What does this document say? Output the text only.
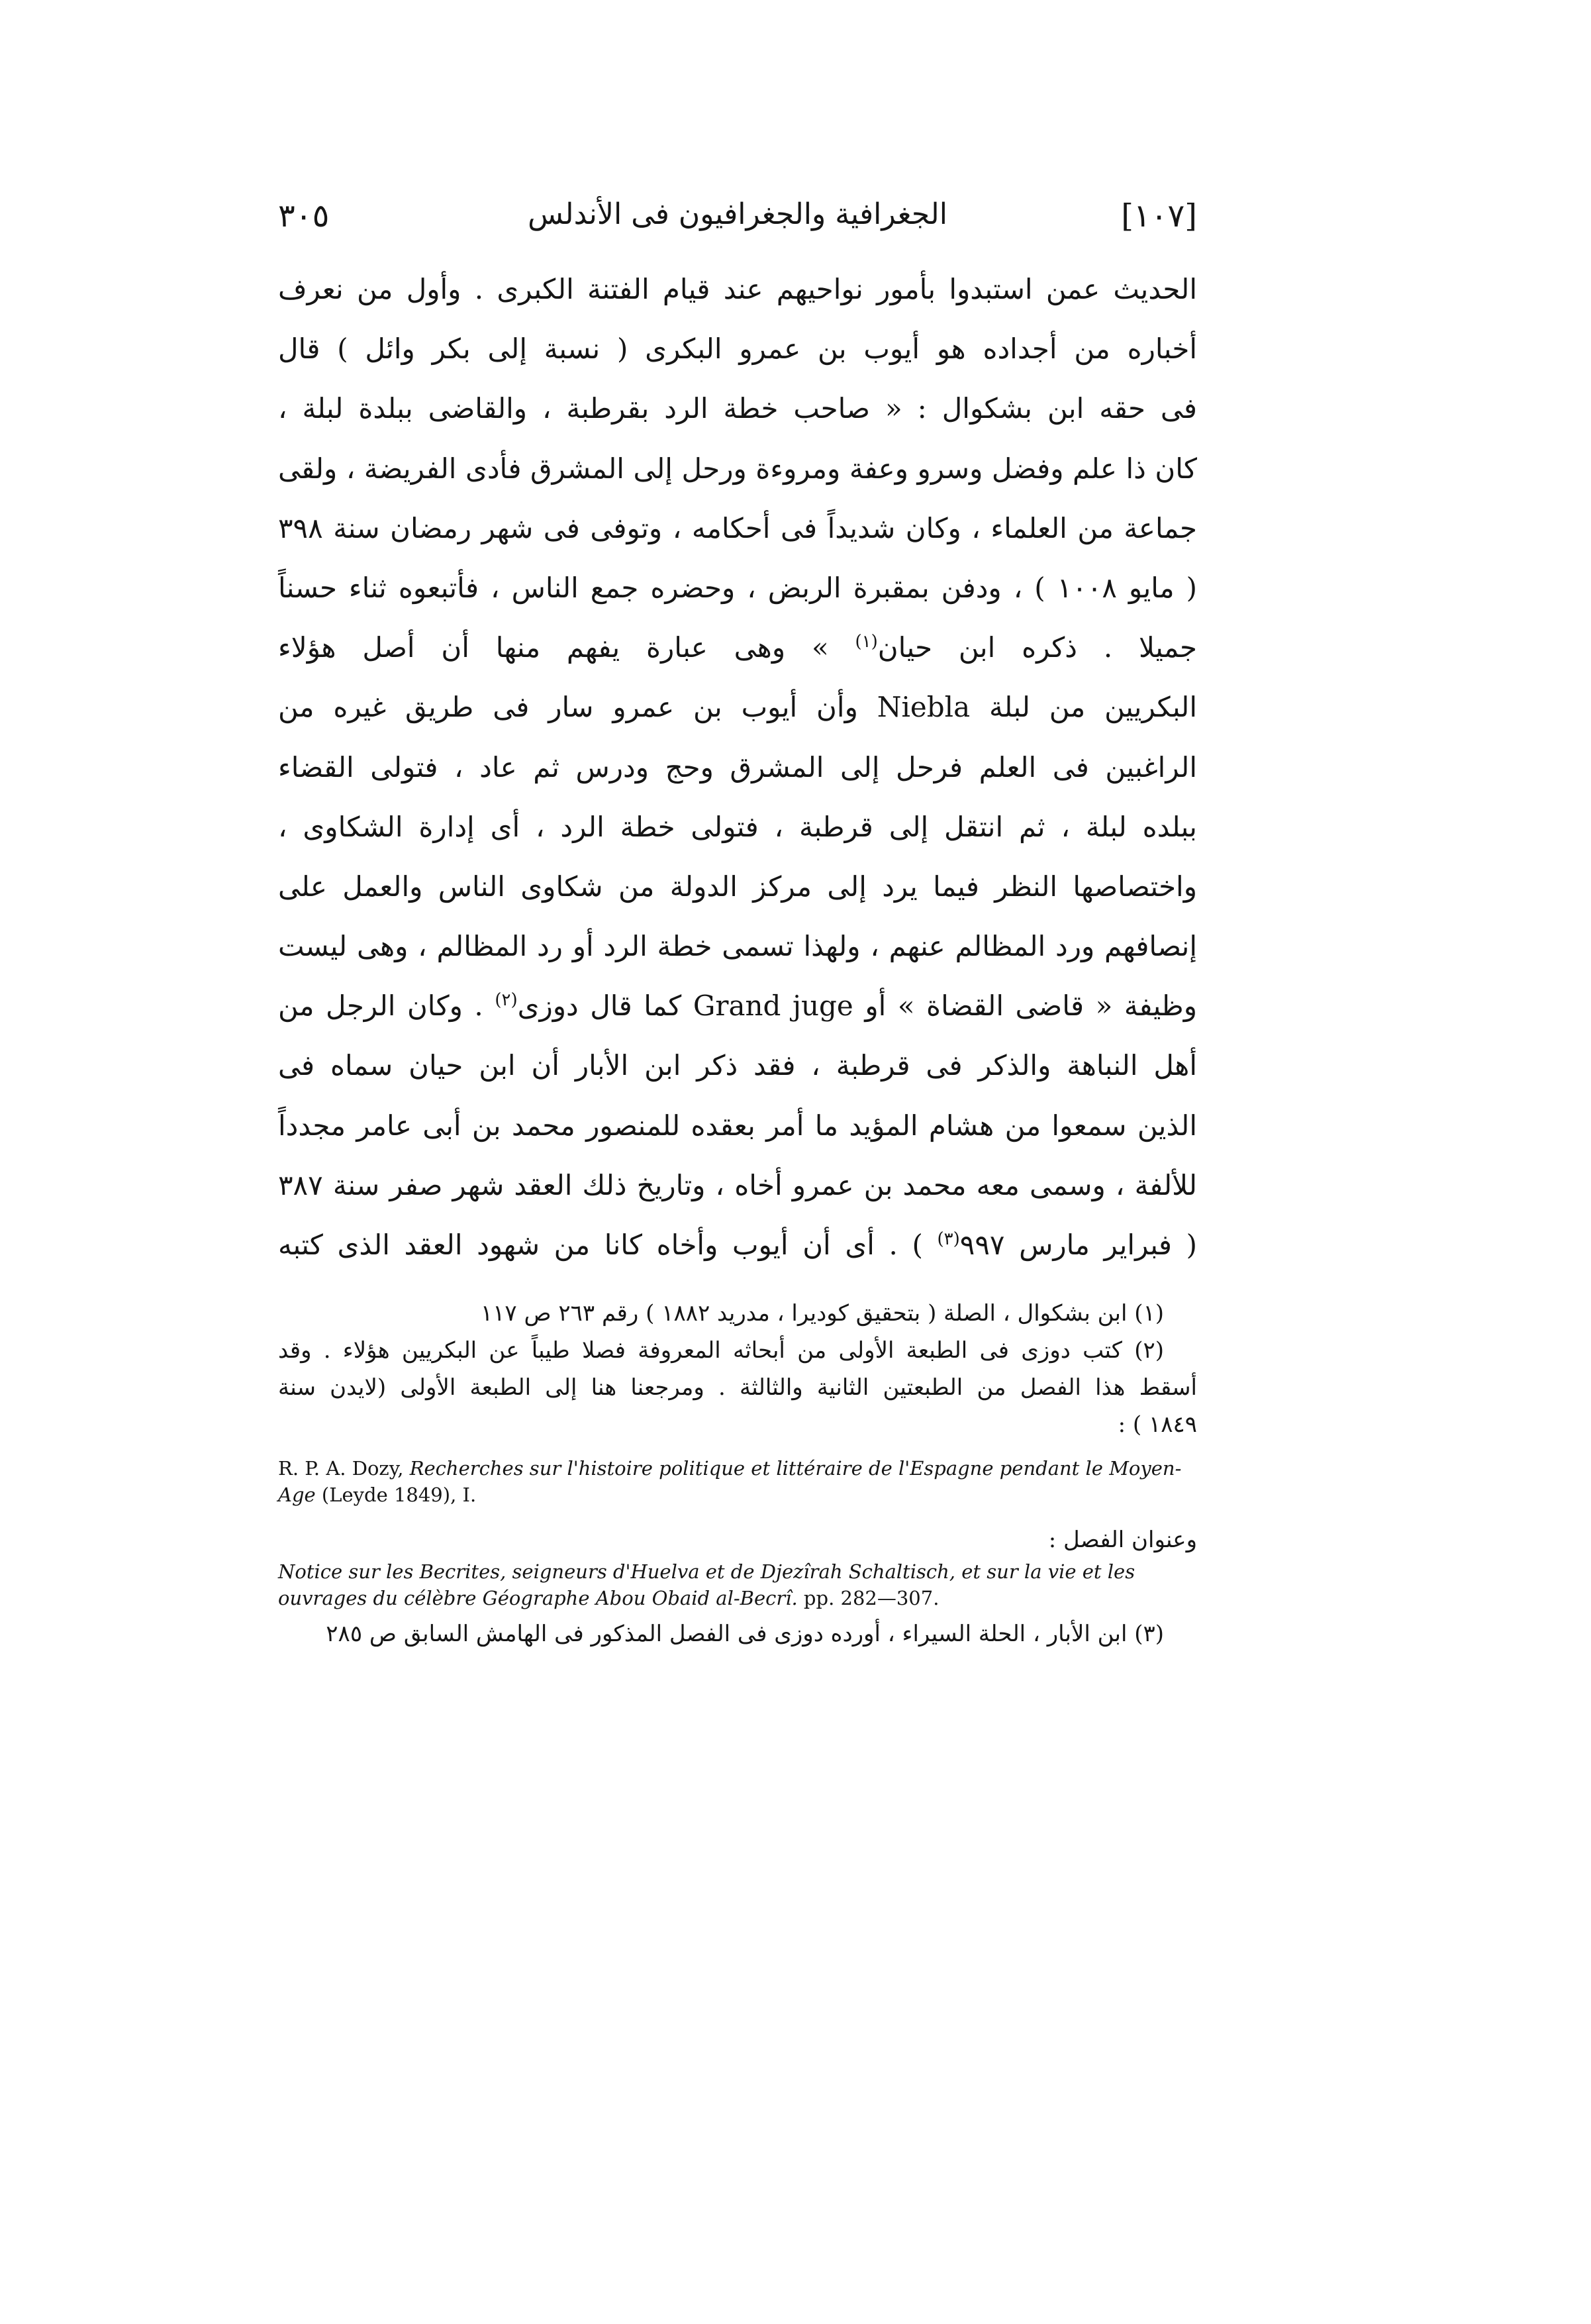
[١٠٧]
الجغرافية والجغرافيون فى الأندلس
٣٠٥
الحديث عمن استبدوا بأمور نواحيهم عند قيام الفتنة الكبرى . وأول من نعرف
أخباره من أجداده هو أيوب بن عمرو البكرى ( نسبة إلى بكر وائل ) قال
فى حقه ابن بشكوال : « صاحب خطة الرد بقرطبة ، والقاضى ببلدة لبلة ،
كان ذا علم وفضل وسرو وعفة ومروءة ورحل إلى المشرق فأدى الفريضة ، ولقى
جماعة من العلماء ، وكان شديداً فى أحكامه ، وتوفى فى شهر رمضان سنة ٣٩٨
( مايو ١٠٠٨ ) ، ودفن بمقبرة الربض ، وحضره جمع الناس ، فأتبعوه ثناء حسناً
جميلا . ذكره ابن حيان$^{(١)}$ » وهى عبارة يفهم منها أن أصل هؤلاء
البكريين من لبلة Niebla وأن أيوب بن عمرو سار فى طريق غيره من
الراغبين فى العلم فرحل إلى المشرق وحج ودرس ثم عاد ، فتولى القضاء
ببلده لبلة ، ثم انتقل إلى قرطبة ، فتولى خطة الرد ، أى إدارة الشكاوى ،
واختصاصها النظر فيما يرد إلى مركز الدولة من شكاوى الناس والعمل على
إنصافهم ورد المظالم عنهم ، ولهذا تسمى خطة الرد أو رد المظالم ، وهى ليست
وظيفة « قاضى القضاة » أو Grand juge كما قال دوزى$^{(٢)}$ . وكان الرجل من
أهل النباهة والذكر فى قرطبة ، فقد ذكر ابن الأبار أن ابن حيان سماه فى
الذين سمعوا من هشام المؤيد ما أمر بعقده للمنصور محمد بن أبى عامر مجدداً
للألفة ، وسمى معه محمد بن عمرو أخاه ، وتاريخ ذلك العقد شهر صفر سنة ٣٨٧
( فبراير مارس ٩٩٧$^{(٣)}$ ) . أى أن أيوب وأخاه كانا من شهود العقد الذى كتبه
(١) ابن بشكوال ، الصلة ( بتحقيق كوديرا ، مدريد ١٨٨٢ ) رقم ٢٦٣ ص ١١٧
(٢) كتب دوزى فى الطبعة الأولى من أبحاثه المعروفة فصلا طيباً عن البكريين هؤلاء . وقد
أسقط هذا الفصل من الطبعتين الثانية والثالثة . ومرجعنا هنا إلى الطبعة الأولى (لايدن سنة
١٨٤٩ ) :
R. P. A. Dozy, Recherches sur l'histoire politique et littéraire de l'Espagne pendant le Moyen-Age (Leyde 1849), I.
وعنوان الفصل :
Notice sur les Becrites, seigneurs d'Huelva et de Djezîrah Schaltisch, et sur la vie et les ouvrages du célèbre Géographe Abou Obaid al-Becrî. pp. 282—307.
(٣) ابن الأبار ، الحلة السيراء ، أورده دوزى فى الفصل المذكور فى الهامش السابق ص ٢٨٥
